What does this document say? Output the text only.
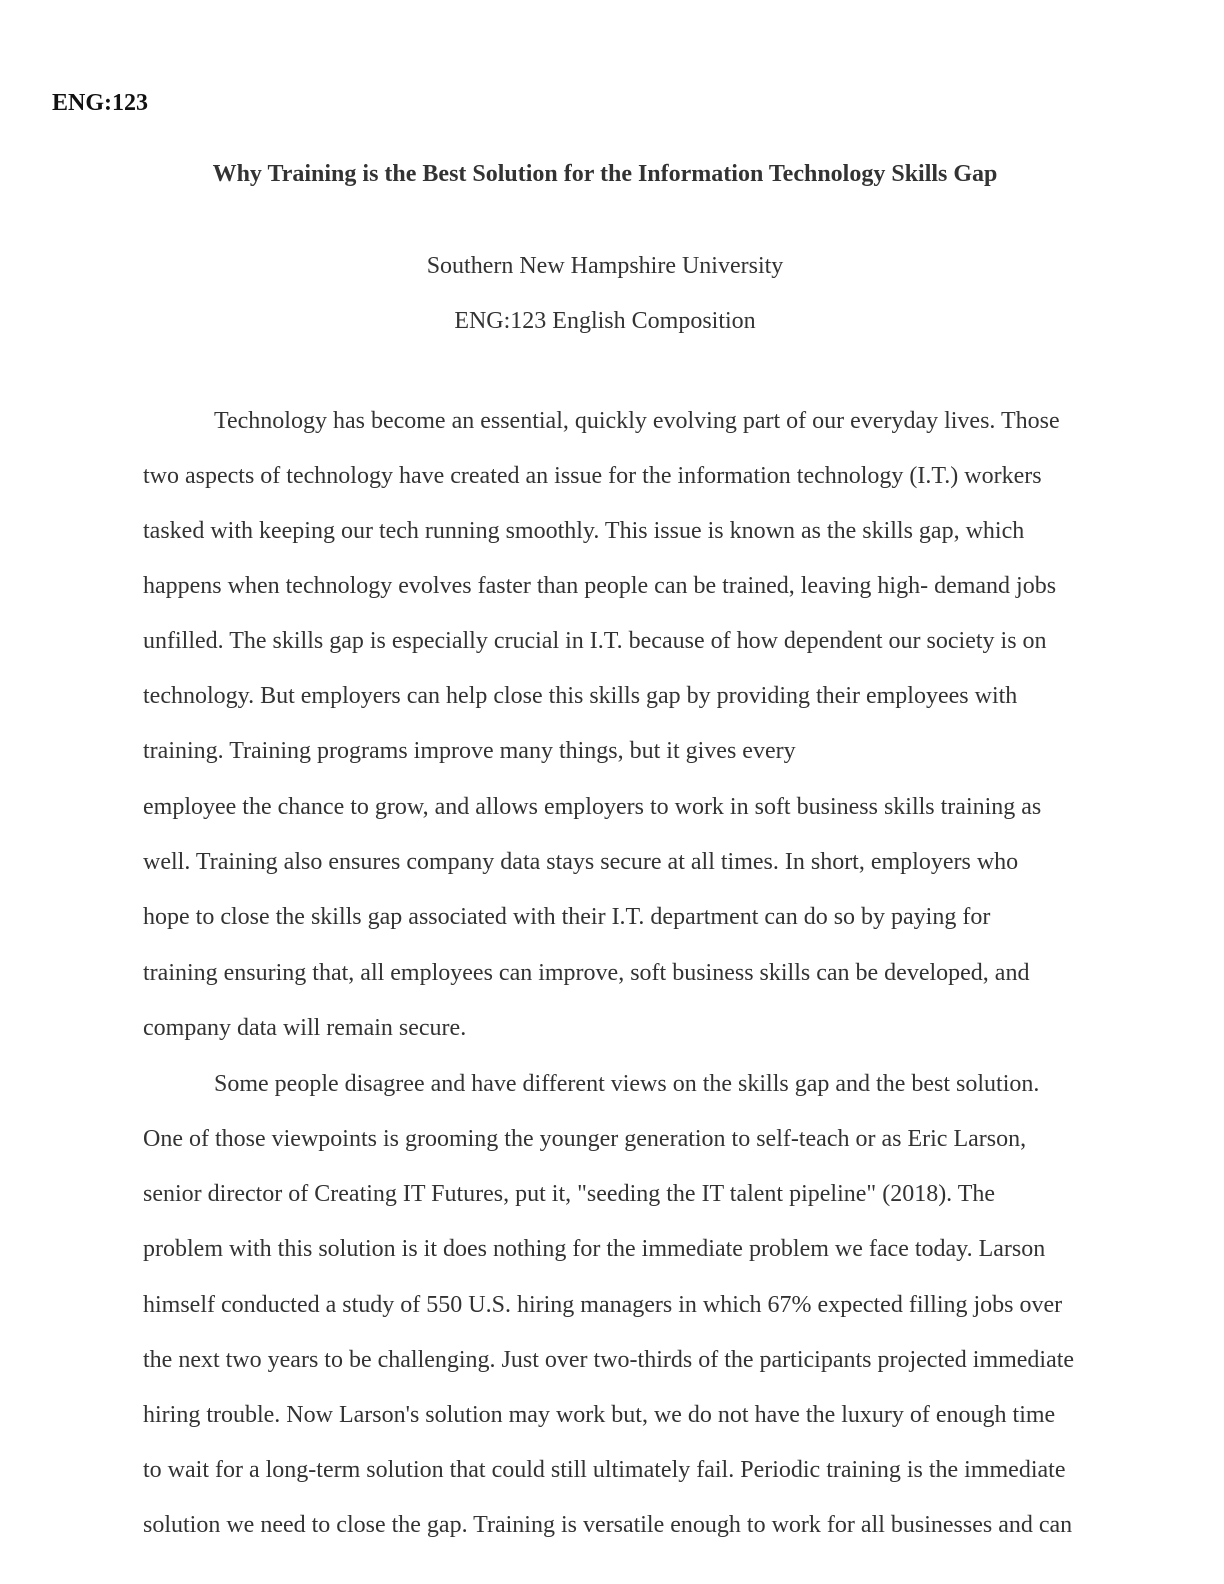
ENG:123

Why Training is the Best Solution for the Information Technology Skills Gap

Southern New Hampshire University

ENG:123 English Composition

Technology has become an essential, quickly evolving part of our everyday lives. Those

two aspects of technology have created an issue for the information technology (I.T.) workers

tasked with keeping our tech running smoothly. This issue is known as the skills gap, which

happens when technology evolves faster than people can be trained, leaving high- demand jobs

unfilled. The skills gap is especially crucial in I.T. because of how dependent our society is on

technology. But employers can help close this skills gap by providing their employees with

training. Training programs improve many things, but it gives every

employee the chance to grow, and allows employers to work in soft business skills training as

well. Training also ensures company data stays secure at all times. In short, employers who

hope to close the skills gap associated with their I.T. department can do so by paying for

training ensuring that, all employees can improve, soft business skills can be developed, and

company data will remain secure.

Some people disagree and have different views on the skills gap and the best solution.

One of those viewpoints is grooming the younger generation to self-teach or as Eric Larson,

senior director of Creating IT Futures, put it, "seeding the IT talent pipeline" (2018). The

problem with this solution is it does nothing for the immediate problem we face today. Larson

himself conducted a study of 550 U.S. hiring managers in which 67% expected filling jobs over

the next two years to be challenging. Just over two-thirds of the participants projected immediate

hiring trouble. Now Larson's solution may work but, we do not have the luxury of enough time

to wait for a long-term solution that could still ultimately fail. Periodic training is the immediate

solution we need to close the gap. Training is versatile enough to work for all businesses and can
